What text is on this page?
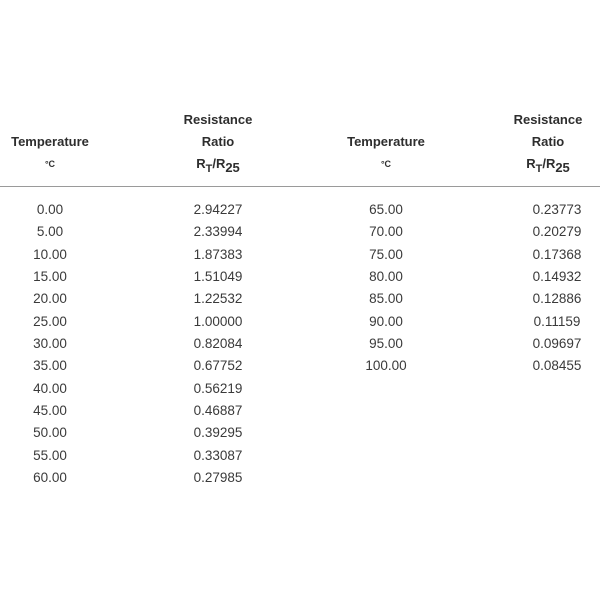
Temperature
°C
Resistance
Ratio
$R_T/R25$
Temperature
°C
Resistance
Ratio
$R_T/R25$
0.00
5.00
10.00
15.00
20.00
25.00
30.00
35.00
40.00
45.00
50.00
55.00
60.00
2.94227
2.33994
1.87383
1.51049
1.22532
1.00000
0.82084
0.67752
0.56219
0.46887
0.39295
0.33087
0.27985
65.00
70.00
75.00
80.00
85.00
90.00
95.00
100.00
0.23773
0.20279
0.17368
0.14932
0.12886
0.11159
0.09697
0.08455
